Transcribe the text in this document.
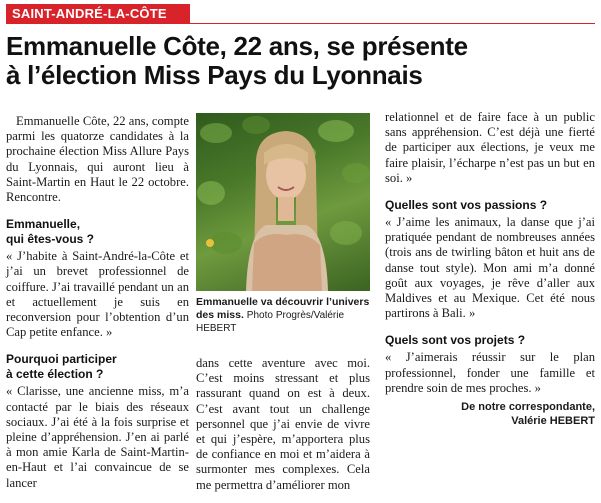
SAINT-ANDRÉ-LA-CÔTE
Emmanuelle Côte, 22 ans, se présente
à l’élection Miss Pays du Lyonnais

Emmanuelle Côte, 22 ans, compte parmi les quatorze candidates à la prochaine élection Miss Allure Pays du Lyonnais, qui auront lieu à Saint-Martin en Haut le 22 octobre. Rencontre.

Emmanuelle,
qui êtes-vous ?

« J’habite à Saint-André-la-Côte et j’ai un brevet professionnel de coiffure. J’ai travaillé pendant un an et actuellement je suis en reconversion pour l’obtention d’un Cap petite enfance. »

Pourquoi participer
à cette élection ?

« Clarisse, une ancienne miss, m’a contacté par le biais des réseaux sociaux. J’ai été à la fois surprise et pleine d’appréhension. J’en ai parlé à mon amie Karla de Saint-Martin-en-Haut et l’ai convaincue de se lancer

Emmanuelle va découvrir l’univers des miss. Photo Progrès/Valérie HEBERT

dans cette aventure avec moi. C’est moins stressant et plus rassurant quand on est à deux. C’est avant tout un challenge personnel que j’ai envie de vivre et qui j’espère, m’apportera plus de confiance en moi et m’aidera à surmonter mes complexes. Cela me permettra d’améliorer mon

relationnel et de faire face à un public sans appréhension. C’est déjà une fierté de participer aux élections, je veux me faire plaisir, l’écharpe n’est pas un but en soi. »

Quelles sont vos passions ?

« J’aime les animaux, la danse que j’ai pratiquée pendant de nombreuses années (trois ans de twirling bâton et huit ans de danse tout style). Mon ami m’a donné goût aux voyages, je rêve d’aller aux Maldives et au Mexique. Cet été nous partirons à Bali. »

Quels sont vos projets ?

« J’aimerais réussir sur le plan professionnel, fonder une famille et prendre soin de mes proches. »

De notre correspondante,
Valérie HEBERT
